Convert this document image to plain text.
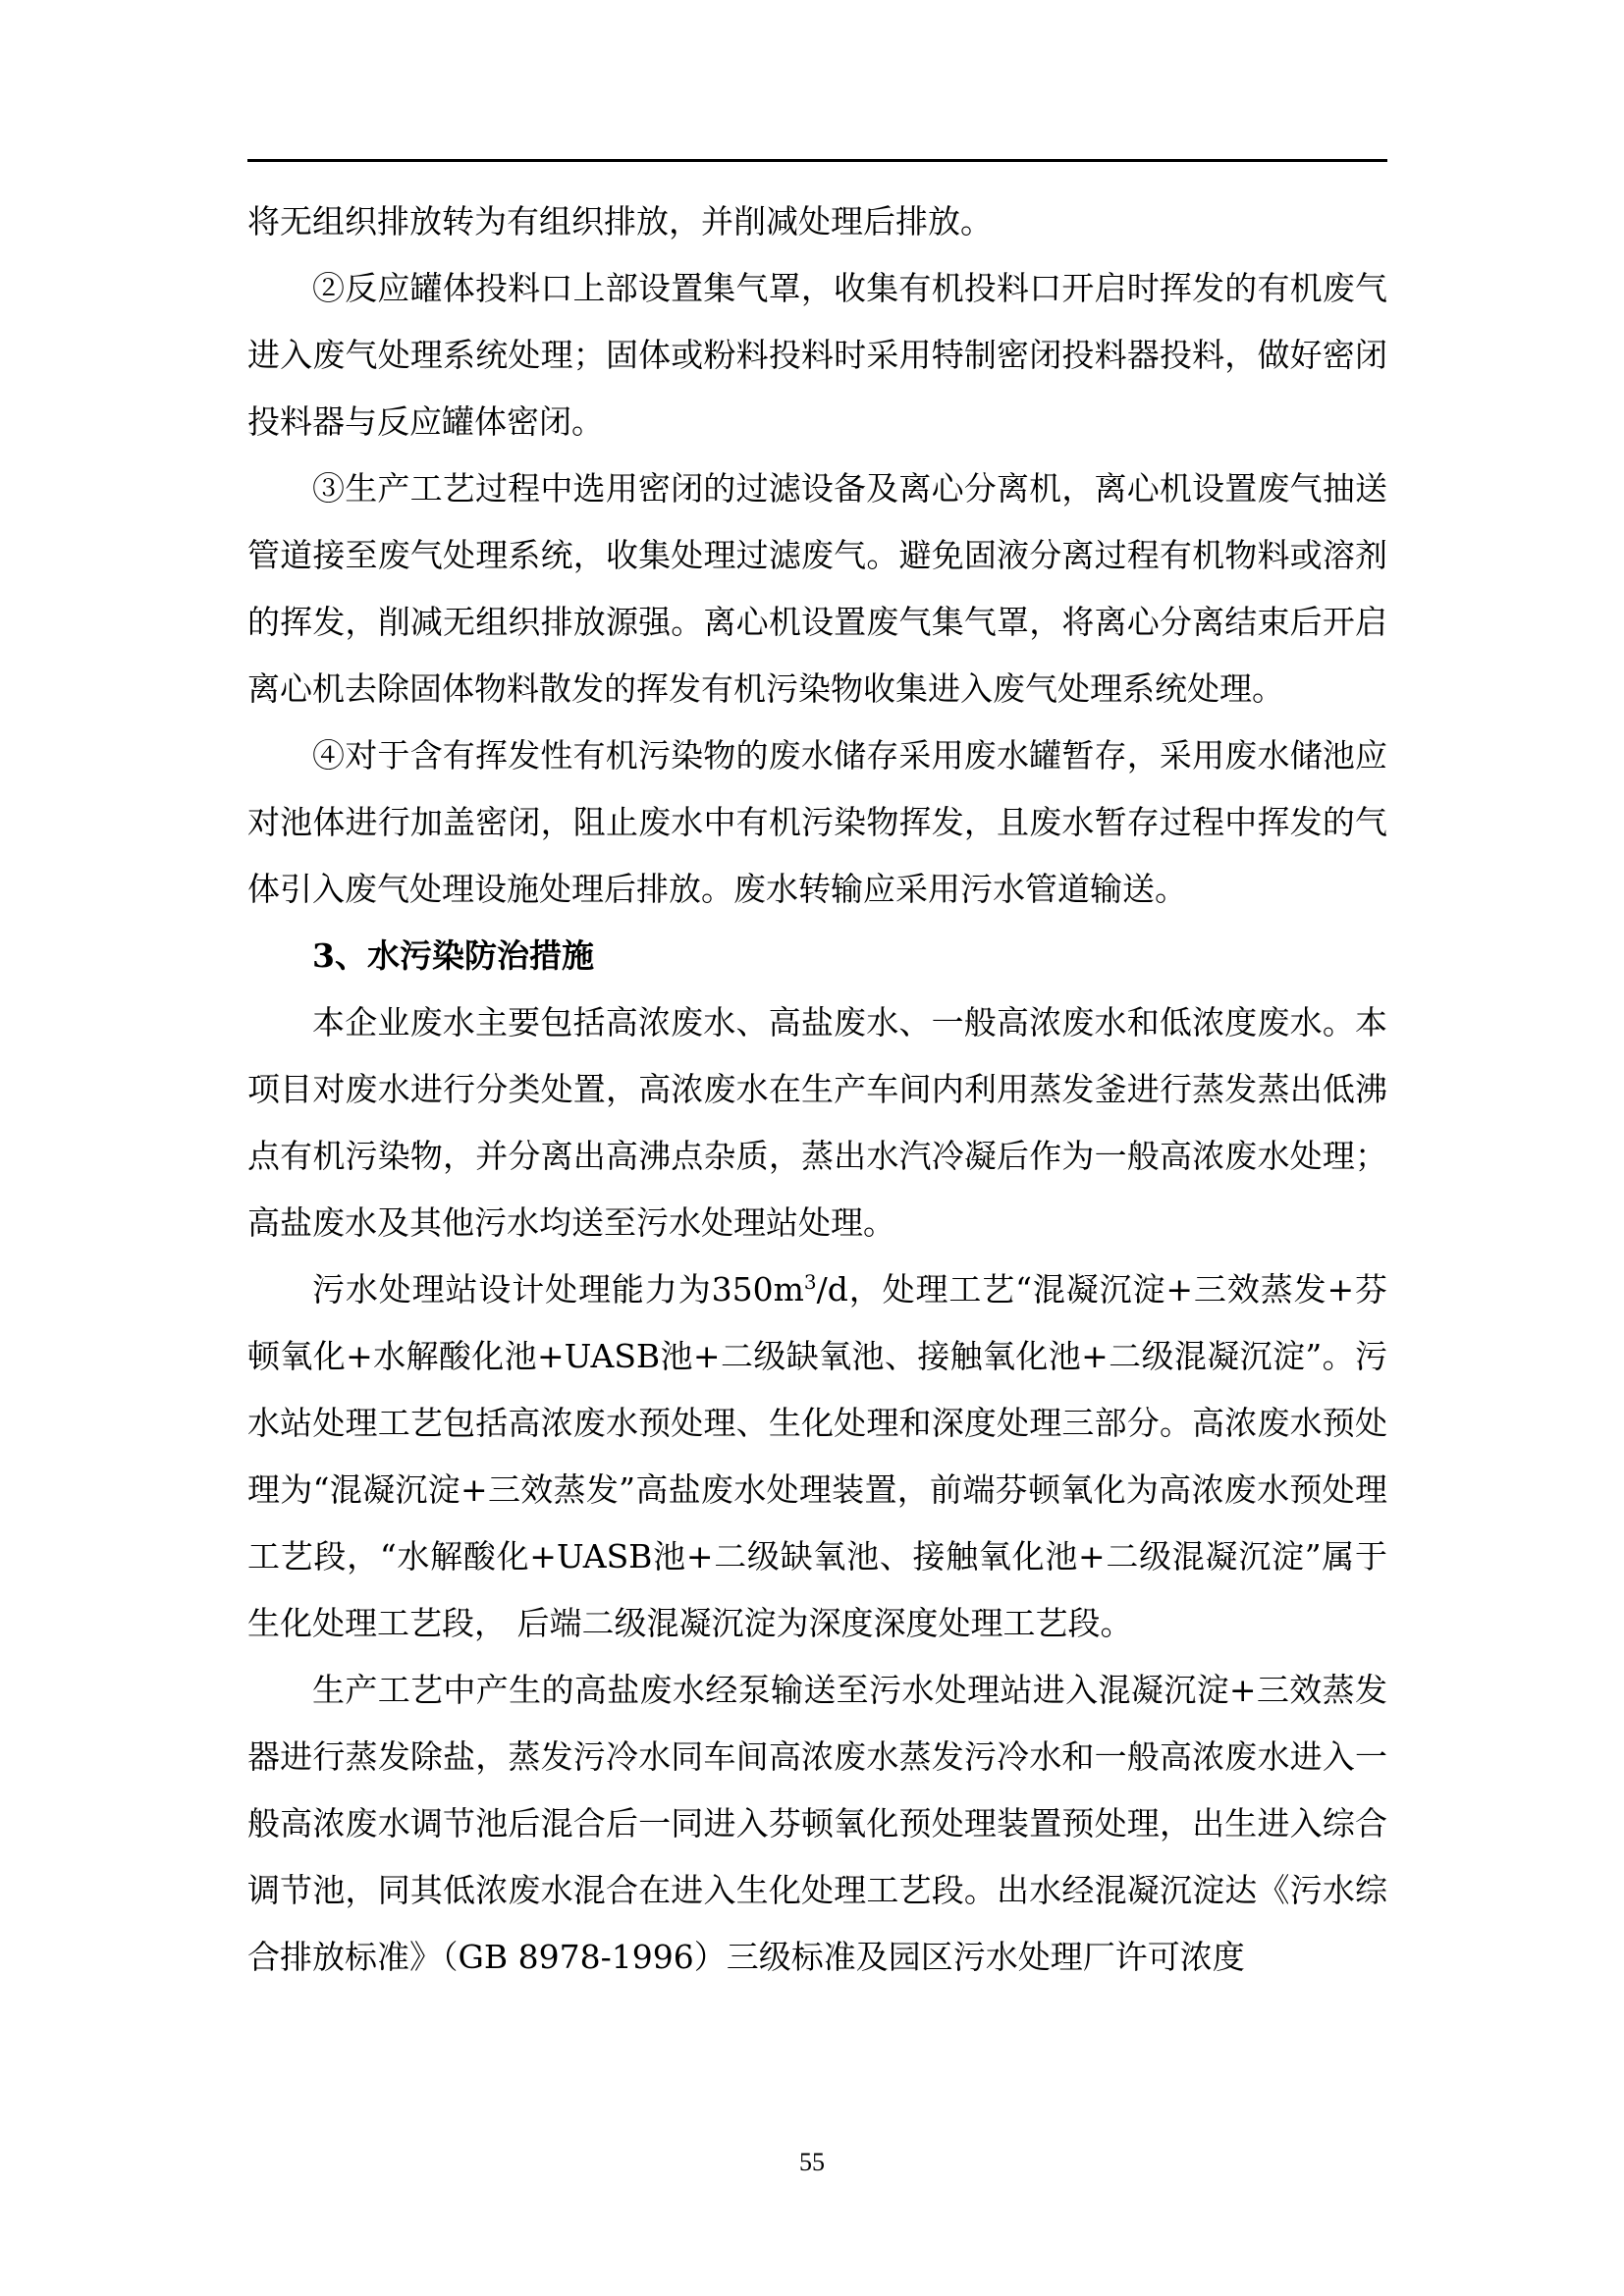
将无组织排放转为有组织排放，并削减处理后排放。

②反应罐体投料口上部设置集气罩，收集有机投料口开启时挥发的有机废气进入废气处理系统处理；固体或粉料投料时采用特制密闭投料器投料，做好密闭投料器与反应罐体密闭。

③生产工艺过程中选用密闭的过滤设备及离心分离机，离心机设置废气抽送管道接至废气处理系统，收集处理过滤废气。避免固液分离过程有机物料或溶剂的挥发，削减无组织排放源强。离心机设置废气集气罩，将离心分离结束后开启离心机去除固体物料散发的挥发有机污染物收集进入废气处理系统处理。

④对于含有挥发性有机污染物的废水储存采用废水罐暂存，采用废水储池应对池体进行加盖密闭，阻止废水中有机污染物挥发，且废水暂存过程中挥发的气体引入废气处理设施处理后排放。废水转输应采用污水管道输送。

3、水污染防治措施

本企业废水主要包括高浓废水、高盐废水、一般高浓废水和低浓度废水。本项目对废水进行分类处置，高浓废水在生产车间内利用蒸发釜进行蒸发蒸出低沸点有机污染物，并分离出高沸点杂质，蒸出水汽冷凝后作为一般高浓废水处理；高盐废水及其他污水均送至污水处理站处理。

污水处理站设计处理能力为$350m^3/d$，处理工艺“混凝沉淀+三效蒸发+芬顿氧化+水解酸化池+UASB池+二级缺氧池、接触氧化池+二级混凝沉淀”。污水站处理工艺包括高浓废水预处理、生化处理和深度处理三部分。高浓废水预处理为“混凝沉淀+三效蒸发”高盐废水处理装置，前端芬顿氧化为高浓废水预处理工艺段，“水解酸化+UASB池+二级缺氧池、接触氧化池+二级混凝沉淀”属于生化处理工艺段， 后端二级混凝沉淀为深度深度处理工艺段。

生产工艺中产生的高盐废水经泵输送至污水处理站进入混凝沉淀+三效蒸发器进行蒸发除盐，蒸发污冷水同车间高浓废水蒸发污冷水和一般高浓废水进入一般高浓废水调节池后混合后一同进入芬顿氧化预处理装置预处理，出生进入综合调节池，同其低浓废水混合在进入生化处理工艺段。出水经混凝沉淀达《污水综合排放标准》（GB 8978-1996）三级标准及园区污水处理厂许可浓度

55
